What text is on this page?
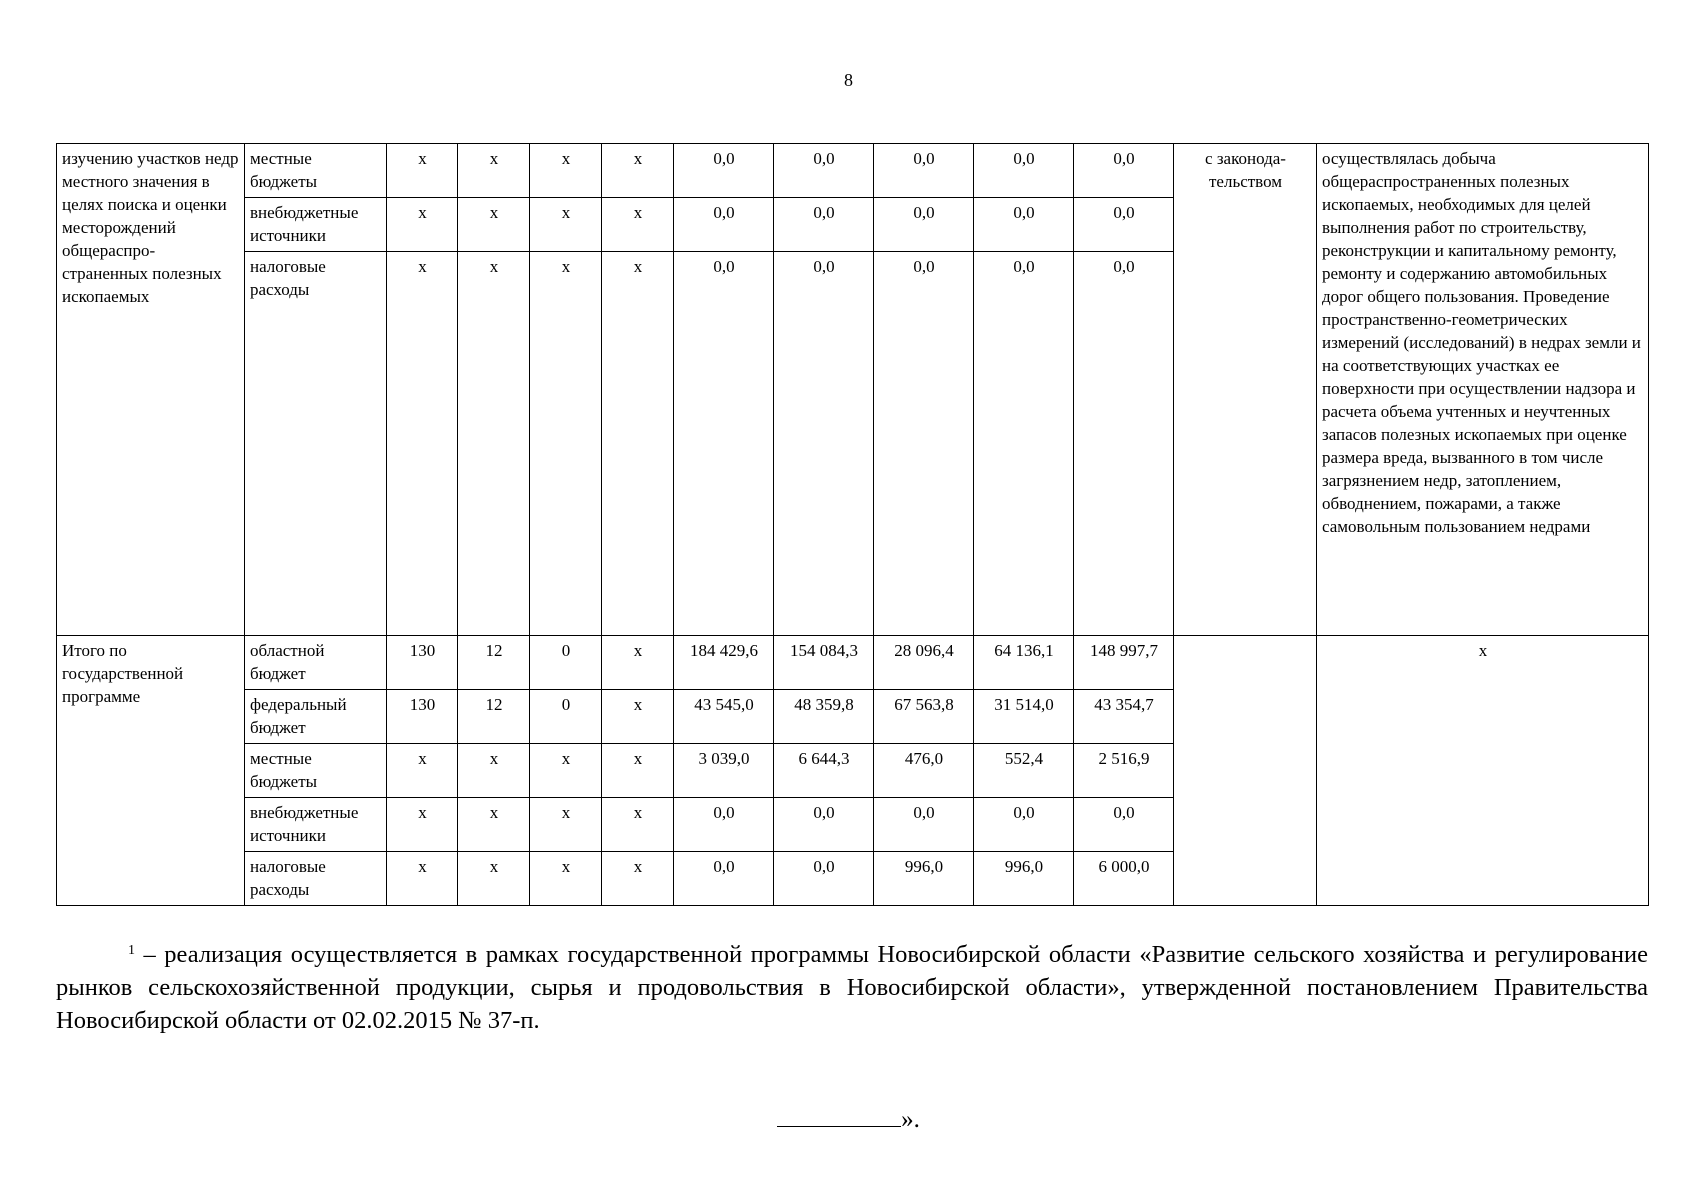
8
изучению участков недр местного значения в целях поиска и оценки месторождений общераспро-страненных полезных ископаемых	местные бюджеты	x	x	x	x	0,0	0,0	0,0	0,0	0,0	с законода-тельством	осуществлялась добыча общераспространенных полезных ископаемых, необходимых для целей выполнения работ по строительству, реконструкции и капитальному ремонту, ремонту и содержанию автомобильных дорог общего пользования. Проведение пространственно-геометрических измерений (исследований) в недрах земли и на соответствующих участках ее поверхности при осуществлении надзора и расчета объема учтенных и неучтенных запасов полезных ископаемых при оценке размера вреда, вызванного в том числе загрязнением недр, затоплением, обводнением, пожарами, а также самовольным пользованием недрами
	внебюджетные источники	x	x	x	x	0,0	0,0	0,0	0,0	0,0		
	налоговые расходы	x	x	x	x	0,0	0,0	0,0	0,0	0,0		
Итого по государственной программе	областной бюджет	130	12	0	x	184 429,6	154 084,3	28 096,4	64 136,1	148 997,7		x
	федеральный бюджет	130	12	0	x	43 545,0	48 359,8	67 563,8	31 514,0	43 354,7		
	местные бюджеты	x	x	x	x	3 039,0	6 644,3	476,0	552,4	2 516,9		
	внебюджетные источники	x	x	x	x	0,0	0,0	0,0	0,0	0,0		
	налоговые расходы	x	x	x	x	0,0	0,0	996,0	996,0	6 000,0		
$^1$ – реализация осуществляется в рамках государственной программы Новосибирской области «Развитие сельского хозяйства и регулирование рынков сельскохозяйственной продукции, сырья и продовольствия в Новосибирской области», утвержденной постановлением Правительства Новосибирской области от 02.02.2015 № 37-п.
».
